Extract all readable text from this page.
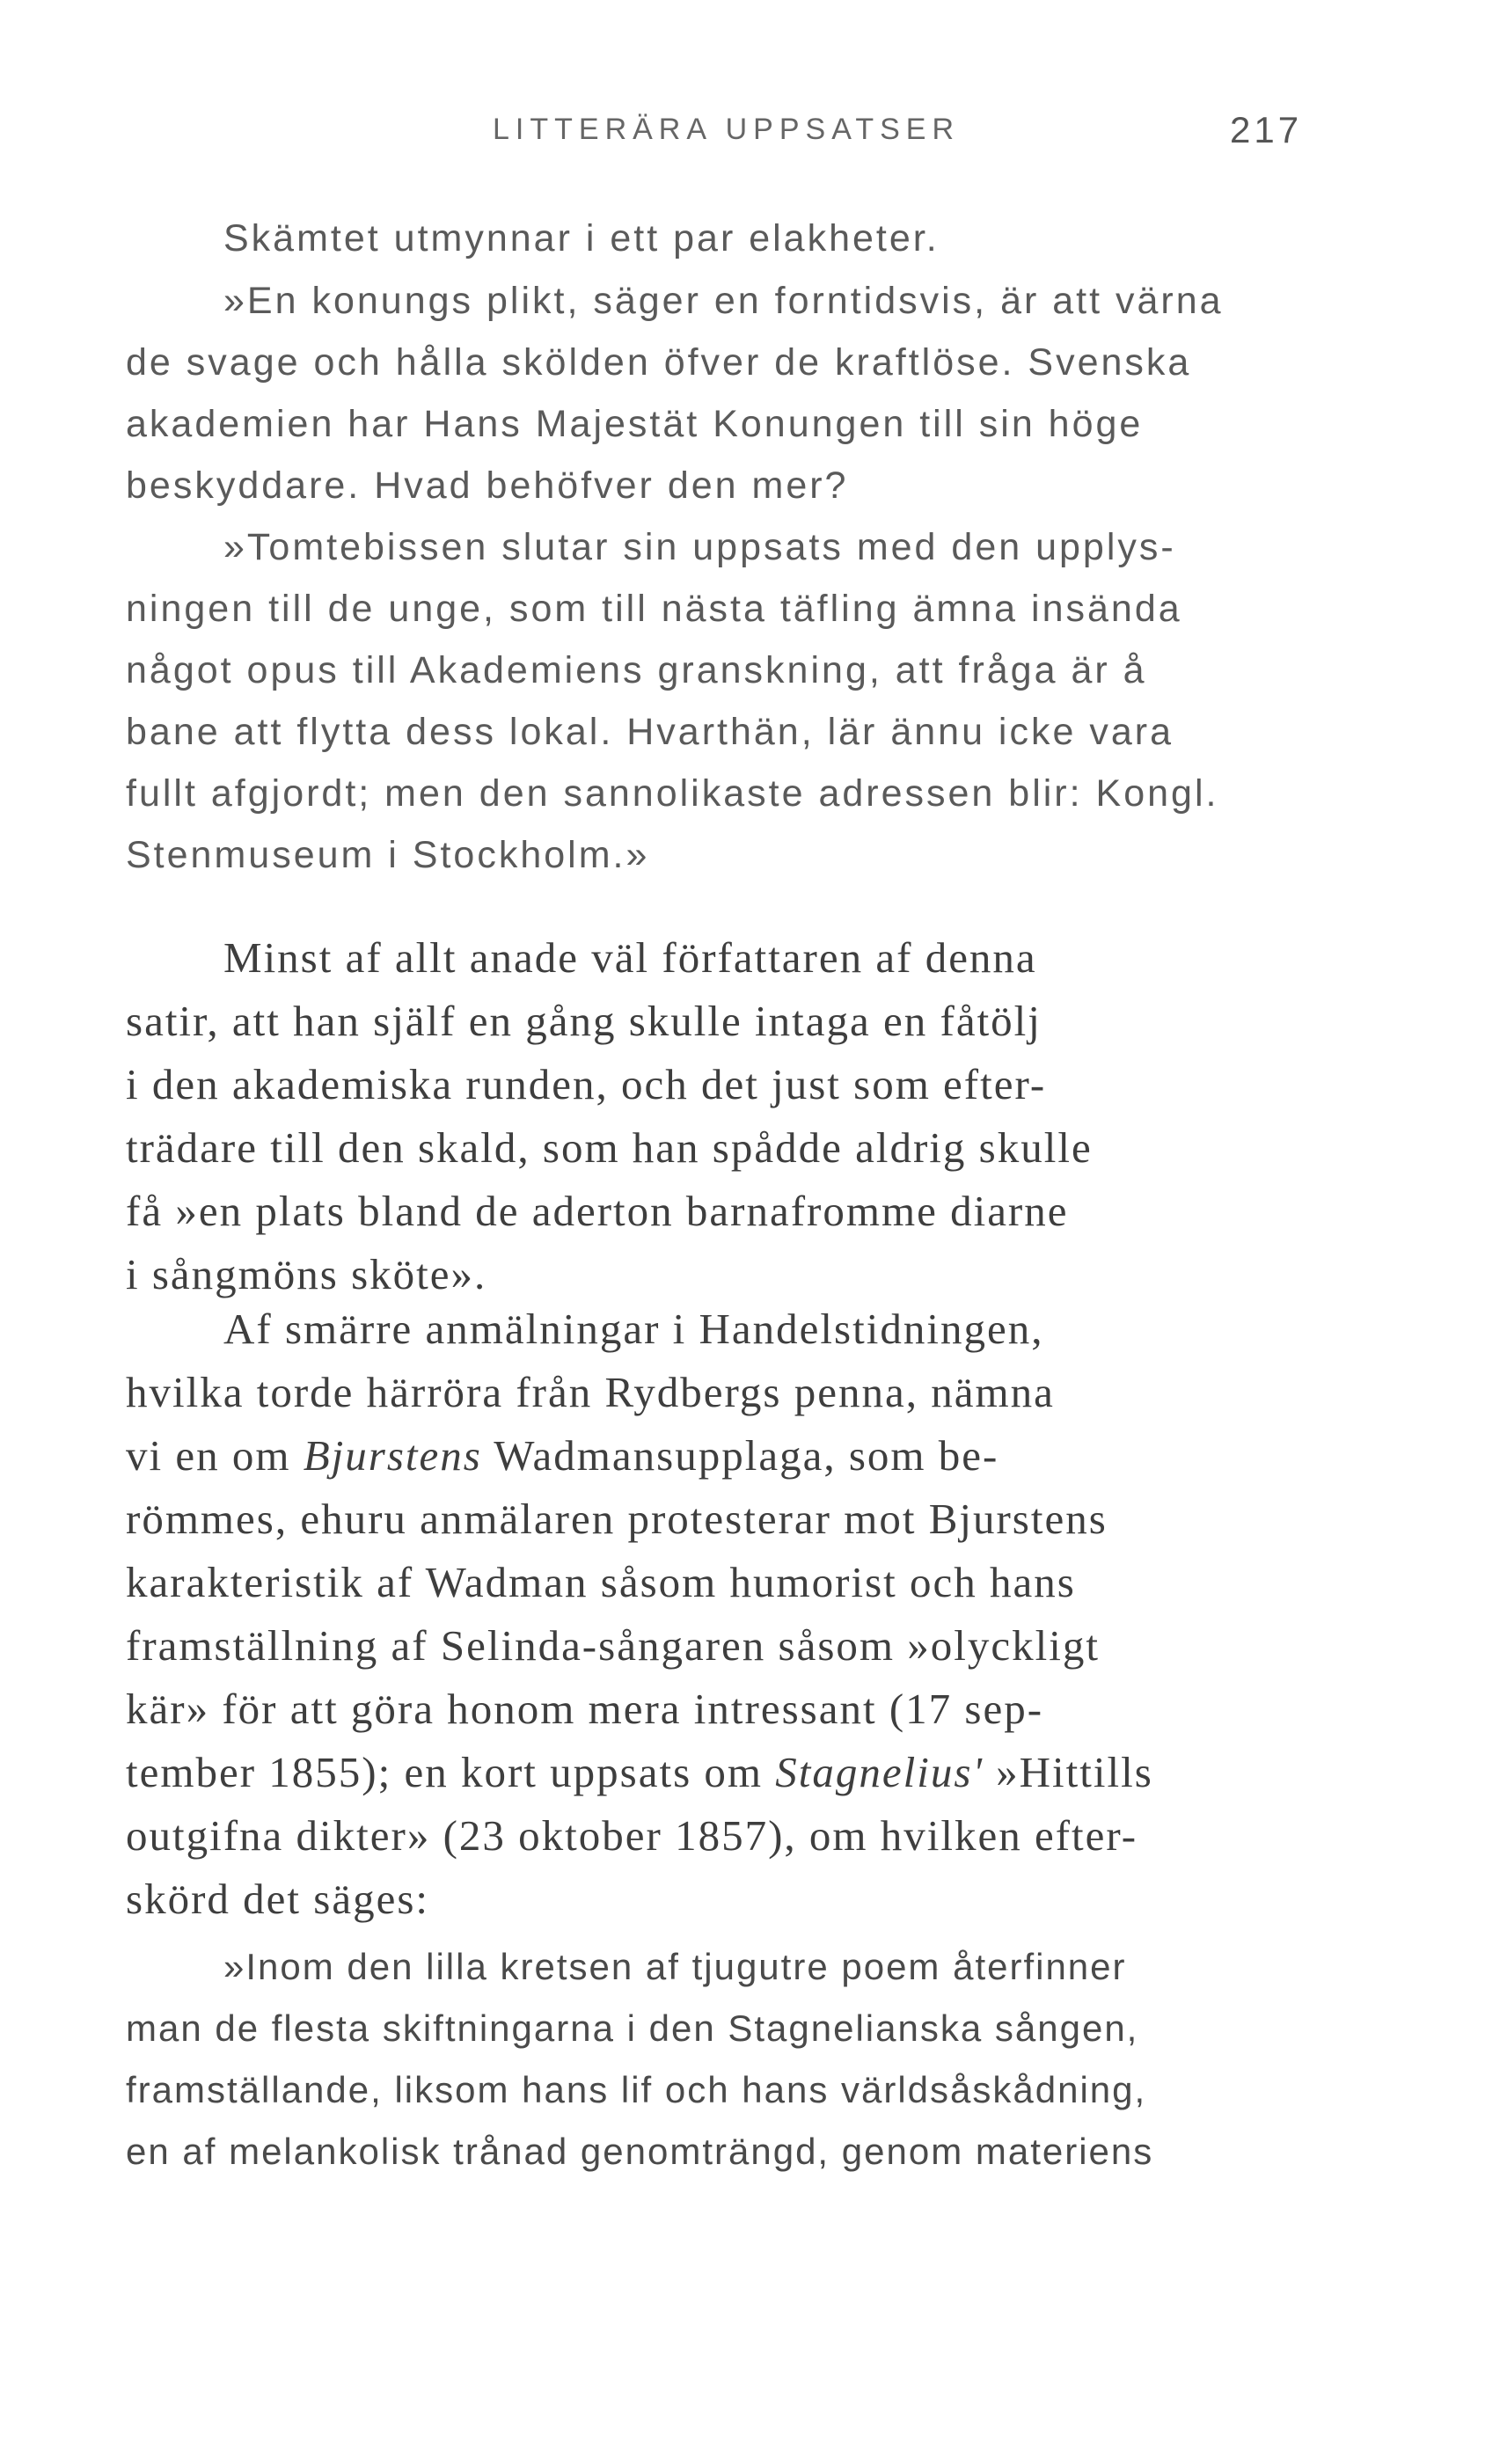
LITTERÄRA UPPSATSER	217
Skämtet utmynnar i ett par elakheter.
»En konungs plikt, säger en forntidsvis, är att värna
de svage och hålla skölden öfver de kraftlöse. Svenska
akademien har Hans Majestät Konungen till sin höge
beskyddare. Hvad behöfver den mer?
»Tomtebissen slutar sin uppsats med den upplys-
ningen till de unge, som till nästa täfling ämna insända
något opus till Akademiens granskning, att fråga är å
bane att flytta dess lokal. Hvarthän, lär ännu icke vara
fullt afgjordt; men den sannolikaste adressen blir: Kongl.
Stenmuseum i Stockholm.»
Minst af allt anade väl författaren af denna
satir, att han själf en gång skulle intaga en fåtölj
i den akademiska runden, och det just som efter-
trädare till den skald, som han spådde aldrig skulle
få »en plats bland de aderton barnafromme diarne
i sångmöns sköte».
Af smärre anmälningar i Handelstidningen,
hvilka torde härröra från Rydbergs penna, nämna
vi en om Bjurstens Wadmansupplaga, som be-
römmes, ehuru anmälaren protesterar mot Bjurstens
karakteristik af Wadman såsom humorist och hans
framställning af Selinda-sångaren såsom »olyckligt
kär» för att göra honom mera intressant (17 sep-
tember 1855); en kort uppsats om Stagnelius' »Hittills
outgifna dikter» (23 oktober 1857), om hvilken efter-
skörd det säges:
»Inom den lilla kretsen af tjugutre poem återfinner
man de flesta skiftningarna i den Stagnelianska sången,
framställande, liksom hans lif och hans världsåskådning,
en af melankolisk trånad genomträngd, genom materiens
